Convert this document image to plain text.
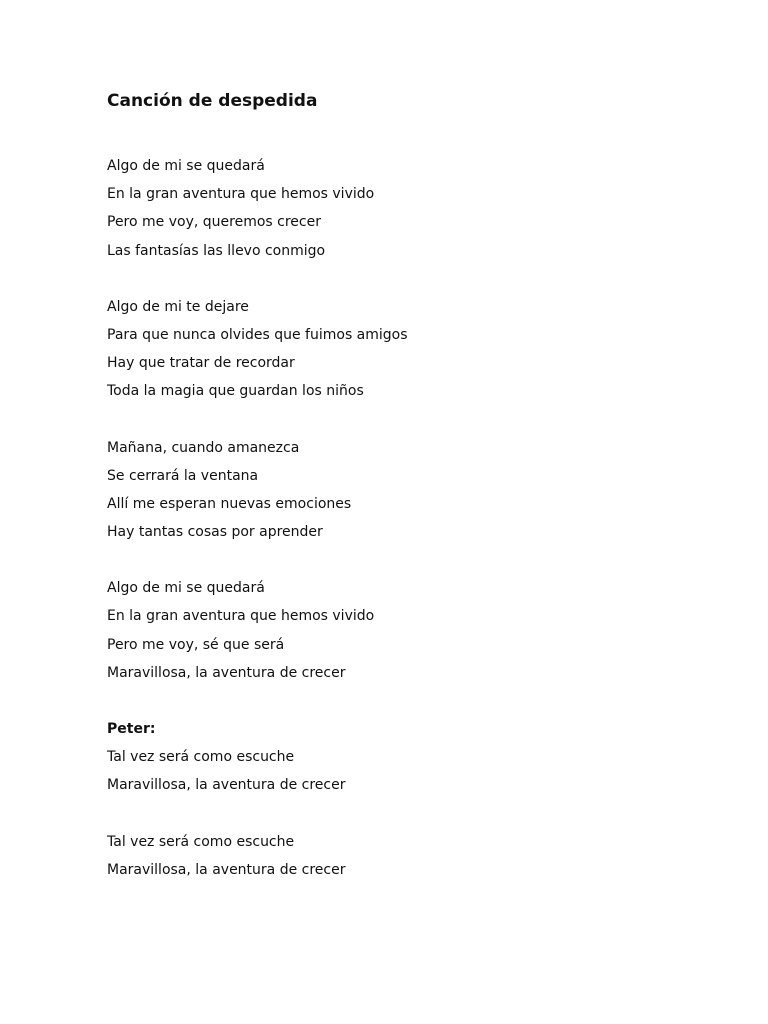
Canción de despedida
Algo de mi se quedará
En la gran aventura que hemos vivido
Pero me voy, queremos crecer
Las fantasías las llevo conmigo
Algo de mi te dejare
Para que nunca olvides que fuimos amigos
Hay que tratar de recordar
Toda la magia que guardan los niños
Mañana, cuando amanezca
Se cerrará la ventana
Allí me esperan nuevas emociones
Hay tantas cosas por aprender
Algo de mi se quedará
En la gran aventura que hemos vivido
Pero me voy, sé que será
Maravillosa, la aventura de crecer
Peter:
Tal vez será como escuche
Maravillosa, la aventura de crecer
Tal vez será como escuche
Maravillosa, la aventura de crecer
